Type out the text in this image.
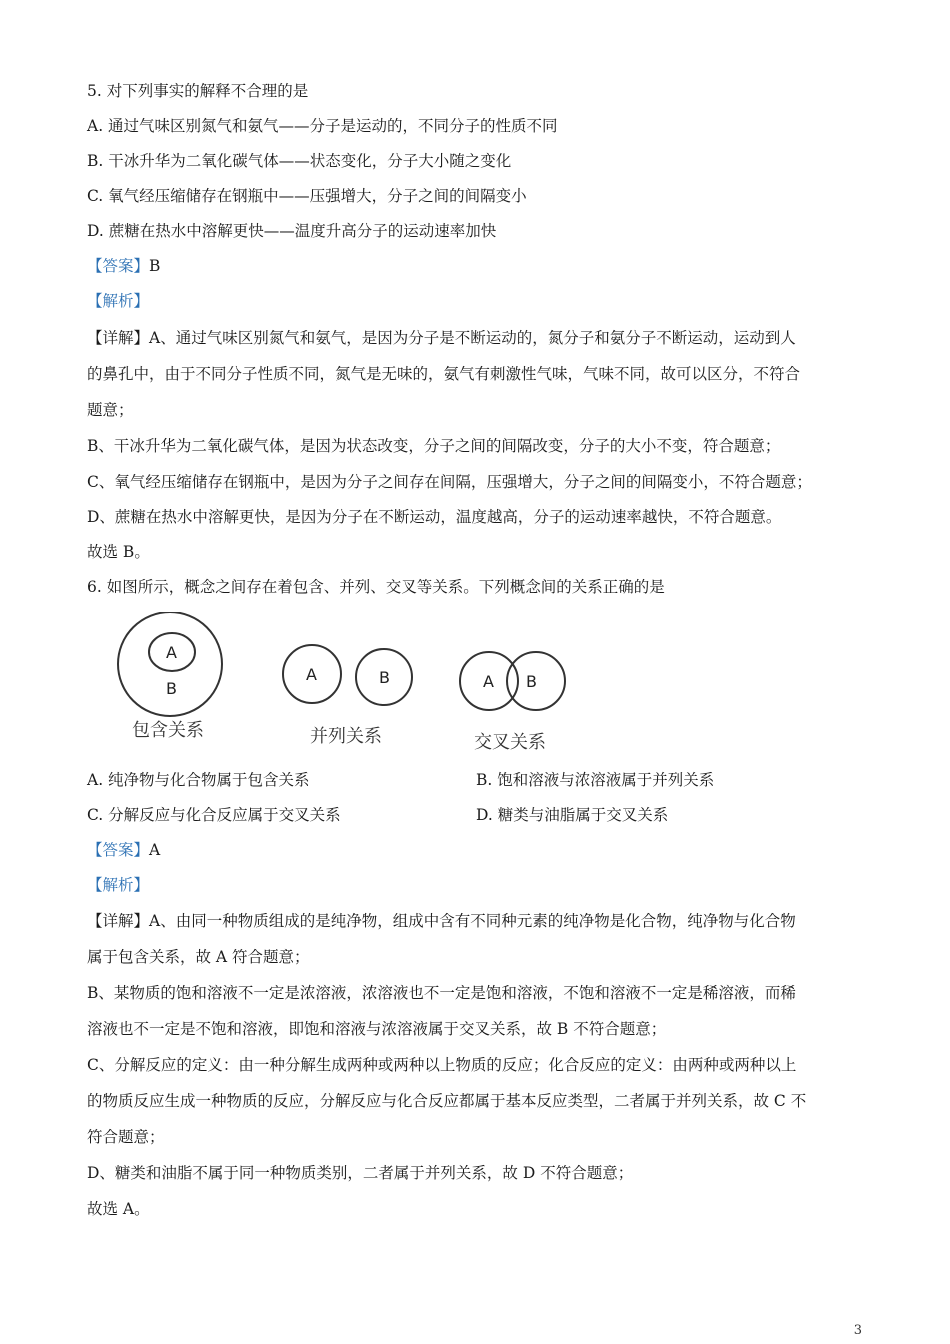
5. 对下列事实的解释不合理的是
A. 通过气味区别氮气和氨气——分子是运动的，不同分子的性质不同
B. 干冰升华为二氧化碳气体——状态变化，分子大小随之变化
C. 氧气经压缩储存在钢瓶中——压强增大，分子之间的间隔变小
D. 蔗糖在热水中溶解更快——温度升高分子的运动速率加快
【答案】B
【解析】
【详解】A、通过气味区别氮气和氨气，是因为分子是不断运动的，氮分子和氨分子不断运动，运动到人
的鼻孔中，由于不同分子性质不同，氮气是无味的，氨气有刺激性气味，气味不同，故可以区分，不符合
题意；
B、干冰升华为二氧化碳气体，是因为状态改变，分子之间的间隔改变，分子的大小不变，符合题意；
C、氧气经压缩储存在钢瓶中，是因为分子之间存在间隔，压强增大，分子之间的间隔变小，不符合题意；
D、蔗糖在热水中溶解更快，是因为分子在不断运动，温度越高，分子的运动速率越快，不符合题意。
故选 B。
6. 如图所示，概念之间存在着包含、并列、交叉等关系。下列概念间的关系正确的是
A
B
A	B	A B
包含关系	并列关系	交叉关系
A. 纯净物与化合物属于包含关系	B. 饱和溶液与浓溶液属于并列关系
C. 分解反应与化合反应属于交叉关系	D. 糖类与油脂属于交叉关系
【答案】A
【解析】
【详解】A、由同一种物质组成的是纯净物，组成中含有不同种元素的纯净物是化合物，纯净物与化合物
属于包含关系，故 A 符合题意；
B、某物质的饱和溶液不一定是浓溶液，浓溶液也不一定是饱和溶液，不饱和溶液不一定是稀溶液，而稀
溶液也不一定是不饱和溶液，即饱和溶液与浓溶液属于交叉关系，故 B 不符合题意；
C、分解反应的定义：由一种分解生成两种或两种以上物质的反应；化合反应的定义：由两种或两种以上
的物质反应生成一种物质的反应，分解反应与化合反应都属于基本反应类型，二者属于并列关系，故 C 不
符合题意；
D、糖类和油脂不属于同一种物质类别，二者属于并列关系，故 D 不符合题意；
故选 A。
3
